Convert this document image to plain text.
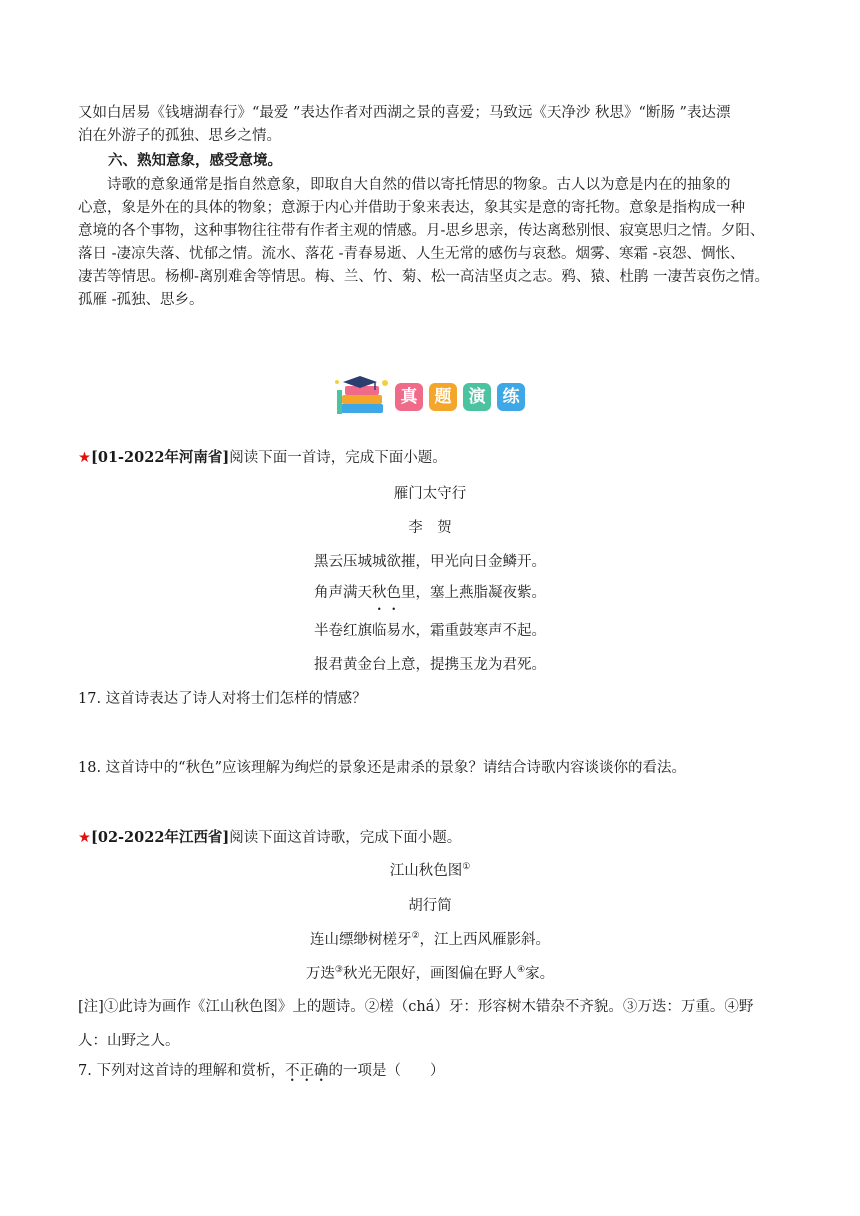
又如白居易《钱塘湖春行》“最爱 ”表达作者对西湖之景的喜爱；马致远《天净沙 秋思》“断肠 ”表达漂
泊在外游子的孤独、思乡之情。
六、熟知意象，感受意境。
诗歌的意象通常是指自然意象，即取自大自然的借以寄托情思的物象。古人以为意是内在的抽象的
心意，象是外在的具体的物象；意源于内心并借助于象来表达，象其实是意的寄托物。意象是指构成一种
意境的各个事物，这种事物往往带有作者主观的情感。月-思乡思亲，传达离愁别恨、寂寞思归之情。夕阳、
落日 -凄凉失落、忧郁之情。流水、落花 -青春易逝、人生无常的感伤与哀愁。烟雾、寒霜 -哀怨、惆怅、
凄苦等情思。杨柳-离别难舍等情思。梅、兰、竹、菊、松一高洁坚贞之志。鸦、猿、杜鹃 一凄苦哀伤之情。
孤雁 -孤独、思乡。
真	题	演	练
★[01-2022年河南省]阅读下面一首诗，完成下面小题。
雁门太守行
李　贺
黑云压城城欲摧，甲光向日金鳞开。
角声满天秋色里，塞上燕脂凝夜紫。
半卷红旗临易水，霜重鼓寒声不起。
报君黄金台上意，提携玉龙为君死。
17. 这首诗表达了诗人对将士们怎样的情感？
18. 这首诗中的“秋色”应该理解为绚烂的景象还是肃杀的景象？请结合诗歌内容谈谈你的看法。
★[02-2022年江西省]阅读下面这首诗歌，完成下面小题。
江山秋色图①
胡行简
连山缥缈树槎牙②，江上西风雁影斜。
万迭③秋光无限好，画图偏在野人④家。
[注]①此诗为画作《江山秋色图》上的题诗。②槎（chá）牙：形容树木错杂不齐貌。③万迭：万重。④野
人：山野之人。
7. 下列对这首诗的理解和赏析，不正确的一项是（　　）
